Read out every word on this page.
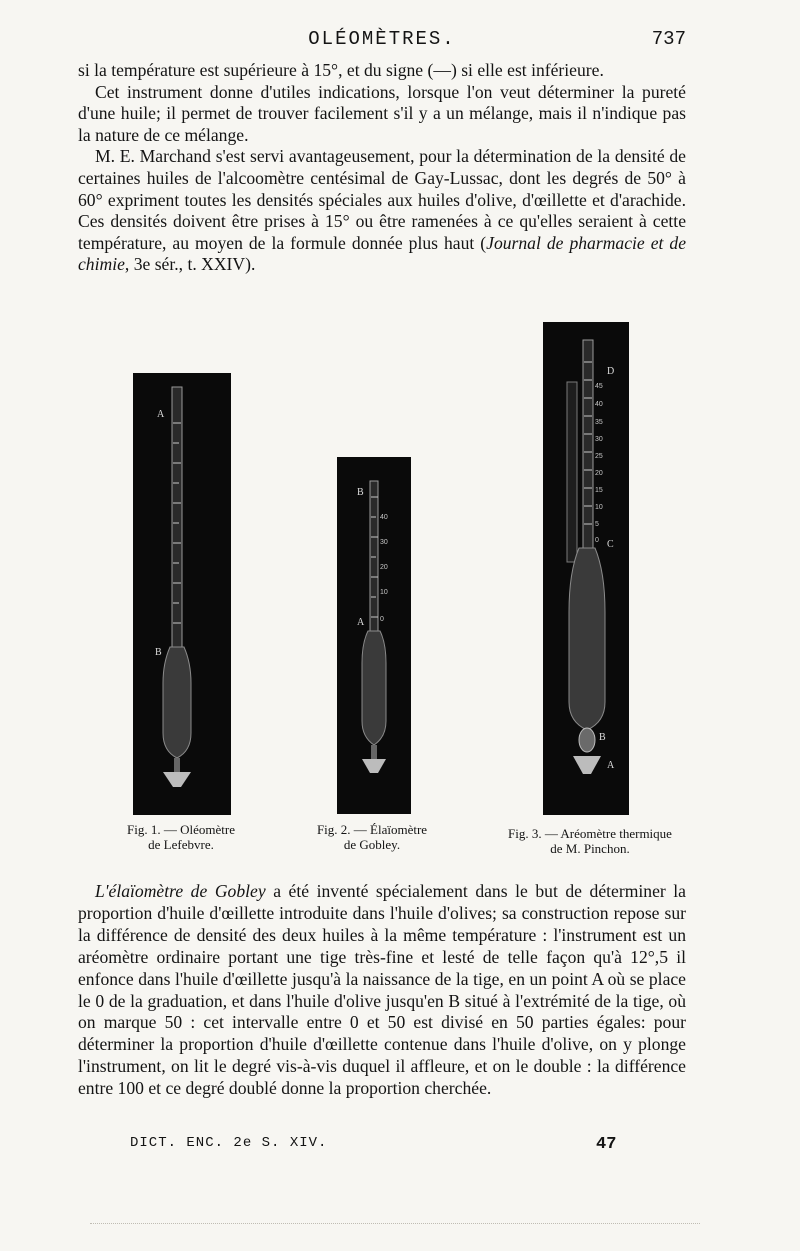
OLÉOMÈTRES.	737

si la température est supérieure à 15°, et du signe (—) si elle est inférieure.

Cet instrument donne d'utiles indications, lorsque l'on veut déterminer la pureté d'une huile; il permet de trouver facilement s'il y a un mélange, mais il n'indique pas la nature de ce mélange.

M. E. Marchand s'est servi avantageusement, pour la détermination de la densité de certaines huiles de l'alcoomètre centésimal de Gay-Lussac, dont les degrés de 50° à 60° expriment toutes les densités spéciales aux huiles d'olive, d'œillette et d'arachide. Ces densités doivent être prises à 15° ou être ramenées à ce qu'elles seraient à cette température, au moyen de la formule donnée plus haut (Journal de pharmacie et de chimie, 3e sér., t. XXIV).

A
B
Fig. 1. — Oléomètre
de Lefebvre.
40
30
20
10
0
B
A
Fig. 2. — Élaïomètre
de Gobley.
45
40
35
30
25
20
15
10
5
0
D
C
B
A
Fig. 3. — Aréomètre thermique
de M. Pinchon.

L'élaïomètre de Gobley a été inventé spécialement dans le but de déterminer la proportion d'huile d'œillette introduite dans l'huile d'olives; sa construction repose sur la différence de densité des deux huiles à la même température : l'instrument est un aréomètre ordinaire portant une tige très-fine et lesté de telle façon qu'à 12°,5 il enfonce dans l'huile d'œillette jusqu'à la naissance de la tige, en un point A où se place le 0 de la graduation, et dans l'huile d'olive jusqu'en B situé à l'extrémité de la tige, où on marque 50 : cet intervalle entre 0 et 50 est divisé en 50 parties égales: pour déterminer la proportion d'huile d'œillette contenue dans l'huile d'olive, on y plonge l'instrument, on lit le degré vis-à-vis duquel il affleure, et on le double : la différence entre 100 et ce degré doublé donne la proportion cherchée.

DICT. ENC. 2e S. XIV.	47
